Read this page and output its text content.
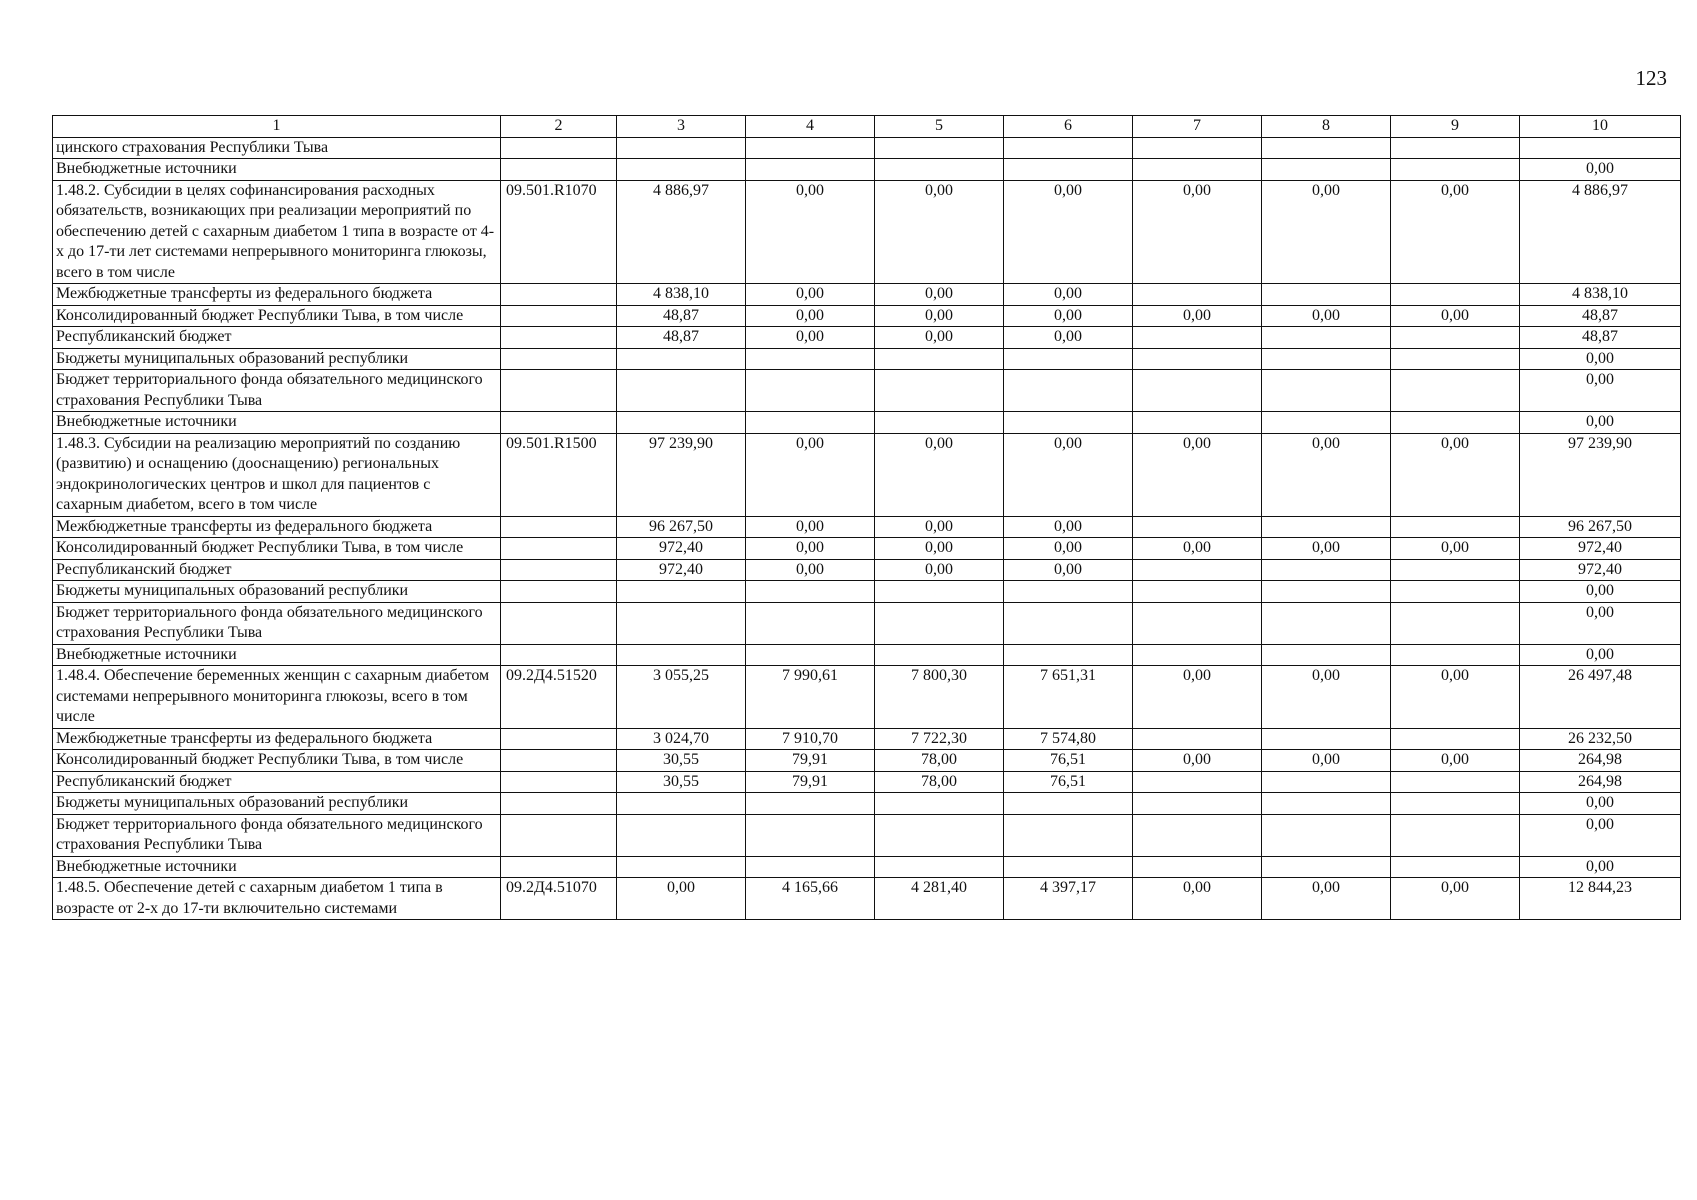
123
1	2	3	4	5	6	7	8	9	10
цинского страхования Республики Тыва									
Внебюджетные источники									0,00
1.48.2. Субсидии в целях софинансирования расходных обязательств, возникающих при реализации мероприятий по обеспечению детей с сахарным диабетом 1 типа в возрасте от 4-х до 17-ти лет системами непрерывного мониторинга глюкозы, всего в том числе	09.501.R1070	4 886,97	0,00	0,00	0,00	0,00	0,00	0,00	4 886,97
Межбюджетные трансферты из федерального бюджета		4 838,10	0,00	0,00	0,00				4 838,10
Консолидированный бюджет Республики Тыва, в том числе		48,87	0,00	0,00	0,00	0,00	0,00	0,00	48,87
Республиканский бюджет		48,87	0,00	0,00	0,00				48,87
Бюджеты муниципальных образований республики									0,00
Бюджет территориального фонда обязательного медицинского страхования Республики Тыва									0,00
Внебюджетные источники									0,00
1.48.3. Субсидии на реализацию мероприятий по созданию (развитию) и оснащению (дооснащению) региональных эндокринологических центров и школ для пациентов с сахарным диабетом, всего в том числе	09.501.R1500	97 239,90	0,00	0,00	0,00	0,00	0,00	0,00	97 239,90
Межбюджетные трансферты из федерального бюджета		96 267,50	0,00	0,00	0,00				96 267,50
Консолидированный бюджет Республики Тыва, в том числе		972,40	0,00	0,00	0,00	0,00	0,00	0,00	972,40
Республиканский бюджет		972,40	0,00	0,00	0,00				972,40
Бюджеты муниципальных образований республики									0,00
Бюджет территориального фонда обязательного медицинского страхования Республики Тыва									0,00
Внебюджетные источники									0,00
1.48.4. Обеспечение беременных женщин с сахарным диабетом системами непрерывного мониторинга глюкозы, всего в том числе	09.2Д4.51520	3 055,25	7 990,61	7 800,30	7 651,31	0,00	0,00	0,00	26 497,48
Межбюджетные трансферты из федерального бюджета		3 024,70	7 910,70	7 722,30	7 574,80				26 232,50
Консолидированный бюджет Республики Тыва, в том числе		30,55	79,91	78,00	76,51	0,00	0,00	0,00	264,98
Республиканский бюджет		30,55	79,91	78,00	76,51				264,98
Бюджеты муниципальных образований республики									0,00
Бюджет территориального фонда обязательного медицинского страхования Республики Тыва									0,00
Внебюджетные источники									0,00
1.48.5. Обеспечение детей с сахарным диабетом 1 типа в возрасте от 2-х до 17-ти включительно системами	09.2Д4.51070	0,00	4 165,66	4 281,40	4 397,17	0,00	0,00	0,00	12 844,23
